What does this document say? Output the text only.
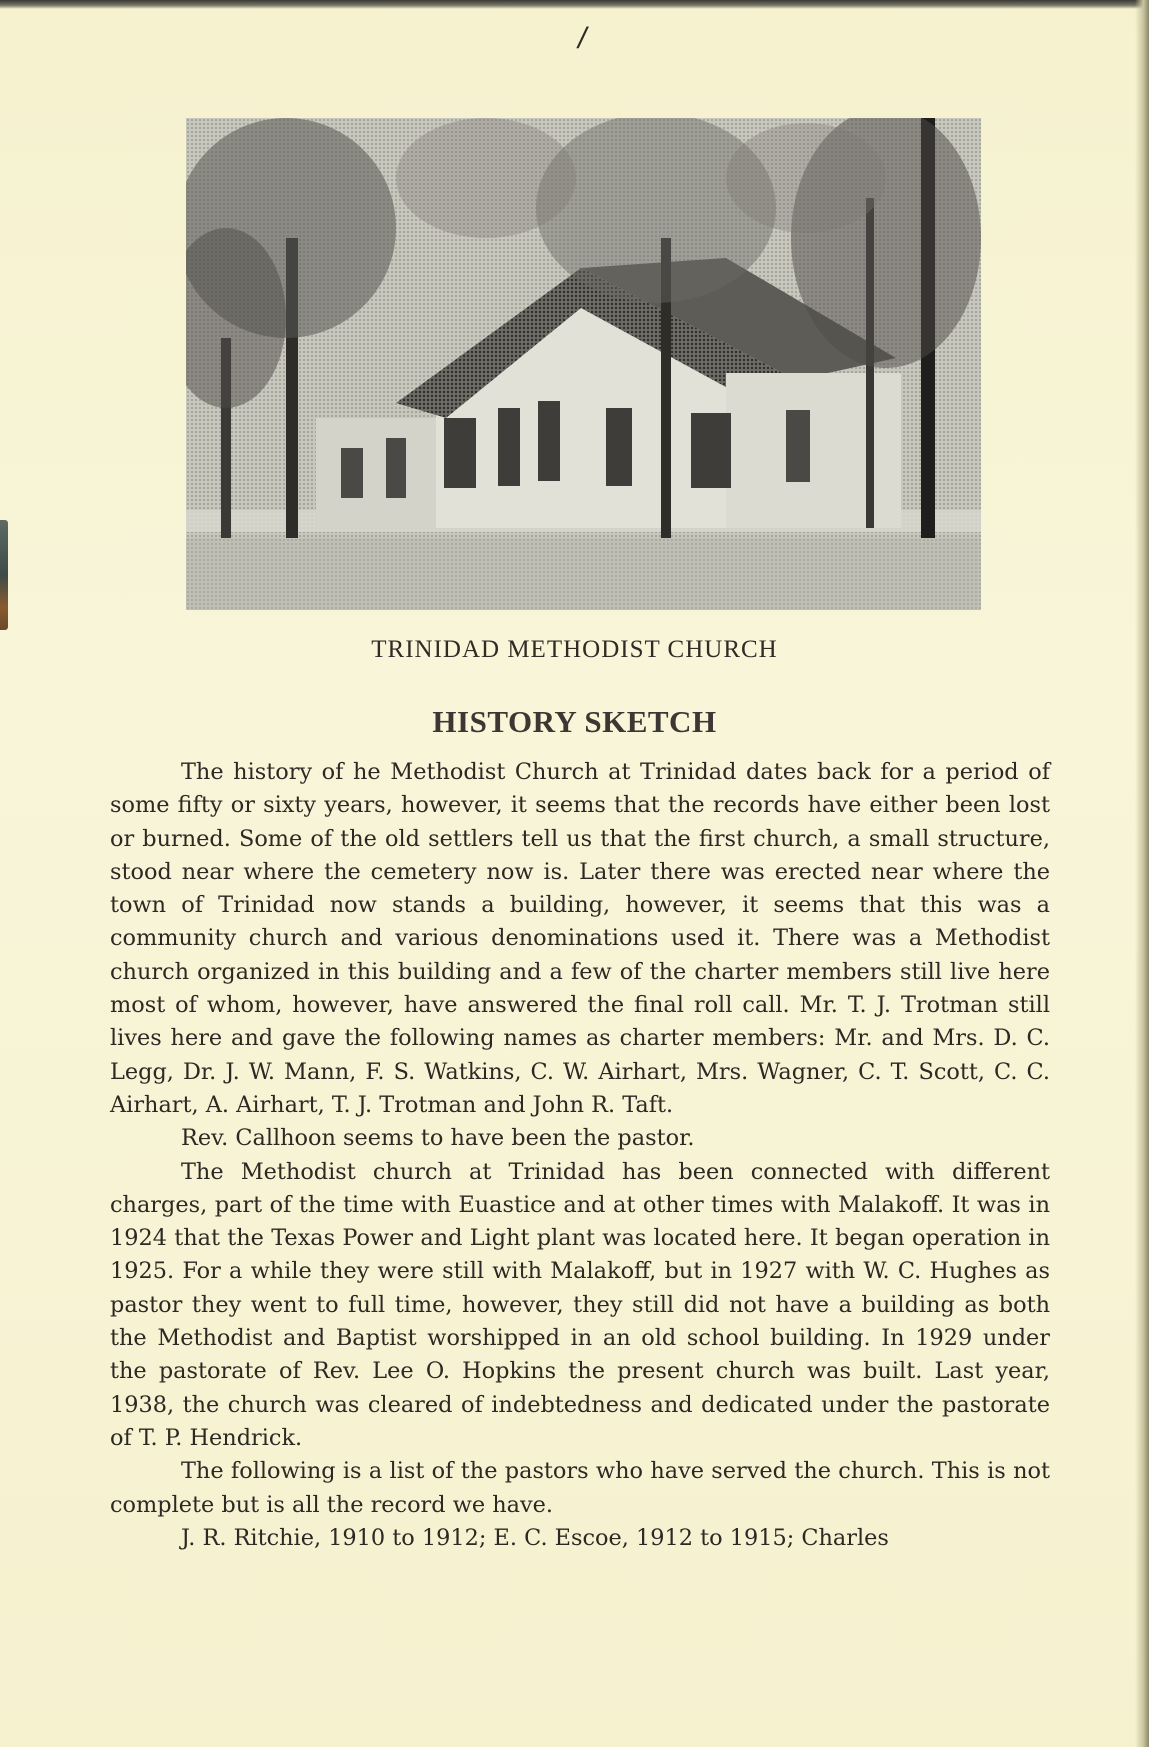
/
TRINIDAD METHODIST CHURCH
HISTORY SKETCH

The history of he Methodist Church at Trinidad dates back for a period of some fifty or sixty years, however, it seems that the records have either been lost or burned. Some of the old settlers tell us that the first church, a small structure, stood near where the cemetery now is. Later there was erected near where the town of Trinidad now stands a building, however, it seems that this was a community church and various denominations used it. There was a Methodist church organized in this building and a few of the charter members still live here most of whom, however, have answered the final roll call. Mr. T. J. Trotman still lives here and gave the following names as charter members: Mr. and Mrs. D. C. Legg, Dr. J. W. Mann, F. S. Watkins, C. W. Airhart, Mrs. Wagner, C. T. Scott, C. C. Airhart, A. Airhart, T. J. Trotman and John R. Taft.

Rev. Callhoon seems to have been the pastor.

The Methodist church at Trinidad has been connected with different charges, part of the time with Euastice and at other times with Malakoff. It was in 1924 that the Texas Power and Light plant was located here. It began operation in 1925. For a while they were still with Malakoff, but in 1927 with W. C. Hughes as pastor they went to full time, however, they still did not have a building as both the Methodist and Baptist worshipped in an old school building. In 1929 under the pastorate of Rev. Lee O. Hopkins the present church was built. Last year, 1938, the church was cleared of indebtedness and dedicated under the pastorate of T. P. Hendrick.

The following is a list of the pastors who have served the church. This is not complete but is all the record we have.

J. R. Ritchie, 1910 to 1912; E. C. Escoe, 1912 to 1915; Charles
